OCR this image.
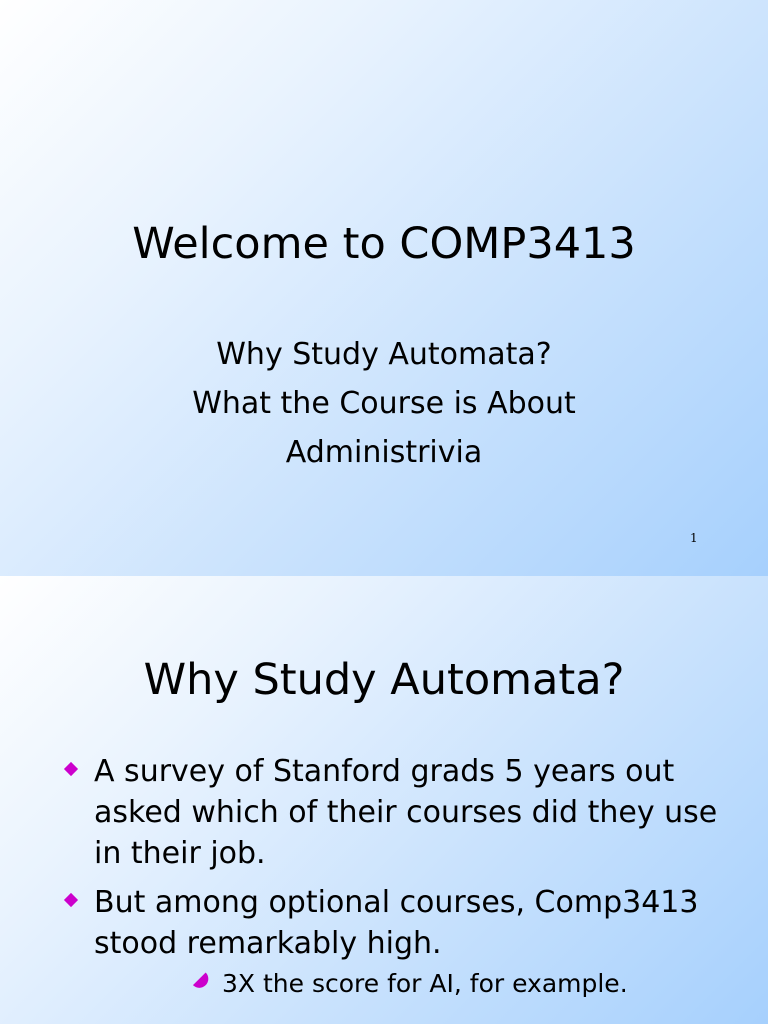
Welcome to COMP3413
Why Study Automata?
What the Course is About
Administrivia
1
Why Study Automata?
A survey of Stanford grads 5 years out asked which of their courses did they use in their job.
But among optional courses, Comp3413 stood remarkably high.
3X the score for AI, for example.
